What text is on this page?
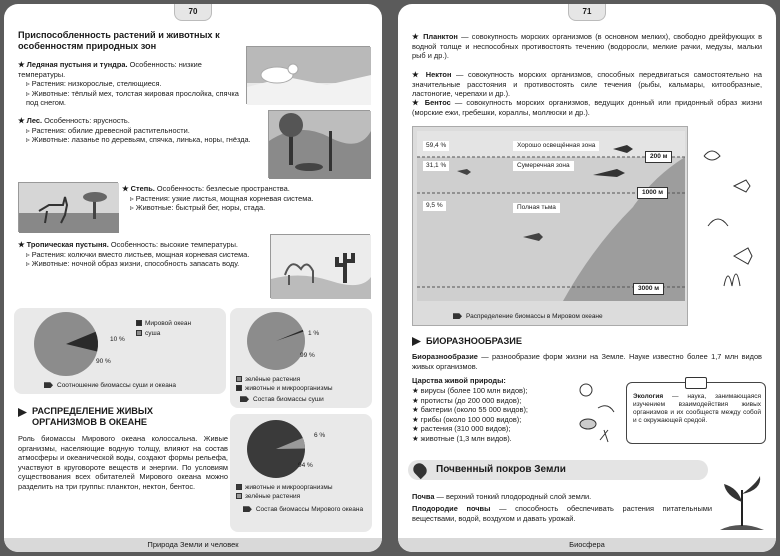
70
Приспособленность растений и животных к особенностям природных зон
★ Ледяная пустыня и тундра. Особенность: низкие температуры.
▹ Растения: низкорослые, стелющиеся.
▹ Животные: тёплый мех, толстая жировая прослойка, спячка под снегом.
★ Лес. Особенность: ярусность.
▹ Растения: обилие древесной растительности.
▹ Животные: лазанье по деревьям, спячка, линька, норы, гнёзда.
★ Степь. Особенность: безлесые пространства.
▹ Растения: узкие листья, мощная корневая система.
▹ Животные: быстрый бег, норы, стада.
★ Тропическая пустыня. Особенность: высокие температуры.
▹ Растения: колючки вместо листьев, мощная корневая система.
▹ Животные: ночной образ жизни, способность запасать воду.
10 %
90 %
Мировой океан
суша
Соотношение биомассы суши и океана
1 %
99 %
зелёные растения
животные и микроорганизмы
Состав биомассы суши
РАСПРЕДЕЛЕНИЕ ЖИВЫХ ОРГАНИЗМОВ В ОКЕАНЕ
Роль биомассы Мирового океана колоссальна. Живые организмы, населяющие водную толщу, влияют на состав атмосферы и океанической воды, создают формы рельефа, участвуют в круговороте веществ и энергии. По условиям существования всех обитателей Мирового океана можно разделить на три группы: планктон, нектон, бентос.
6 %
94 %
животные и микроорганизмы
зелёные растения
Состав биомассы Мирового океана
Природа Земли и человек
71
★ Планктон — совокупность морских организмов (в основном мелких), свободно дрейфующих в водной толще и неспособных противостоять течению (водоросли, мелкие рачки, медузы, мальки рыб и др.).
★ Нектон — совокупность морских организмов, способных передвигаться самостоятельно на значительные расстояния и противостоять силе течения (рыбы, кальмары, китообразные, ластоногие, черепахи и др.).
★ Бентос — совокупность морских организмов, ведущих донный или придонный образ жизни (морские ежи, гребешки, кораллы, моллюски и др.).
59,4 %	Хорошо освещённая зона
31,1 %	Сумеречная зона
9,5 %	Полная тьма
200 м
1000 м
3000 м
Распределение биомассы в Мировом океане
БИОРАЗНООБРАЗИЕ
Биоразнообразие — разнообразие форм жизни на Земле. Науке известно более 1,7 млн видов живых организмов.
Царства живой природы:
★ вирусы (более 100 млн видов);
★ протисты (до 200 000 видов);
★ бактерии (около 55 000 видов);
★ грибы (около 100 000 видов);
★ растения (310 000 видов);
★ животные (1,3 млн видов).
Экология — наука, занимающаяся изучением взаимодействия живых организмов и их сообществ между собой и с окружающей средой.
Почвенный покров Земли
Почва — верхний тонкий плодородный слой земли.
Плодородие почвы — способность обеспечивать растения питательными веществами, водой, воздухом и давать урожай.
Биосфера
